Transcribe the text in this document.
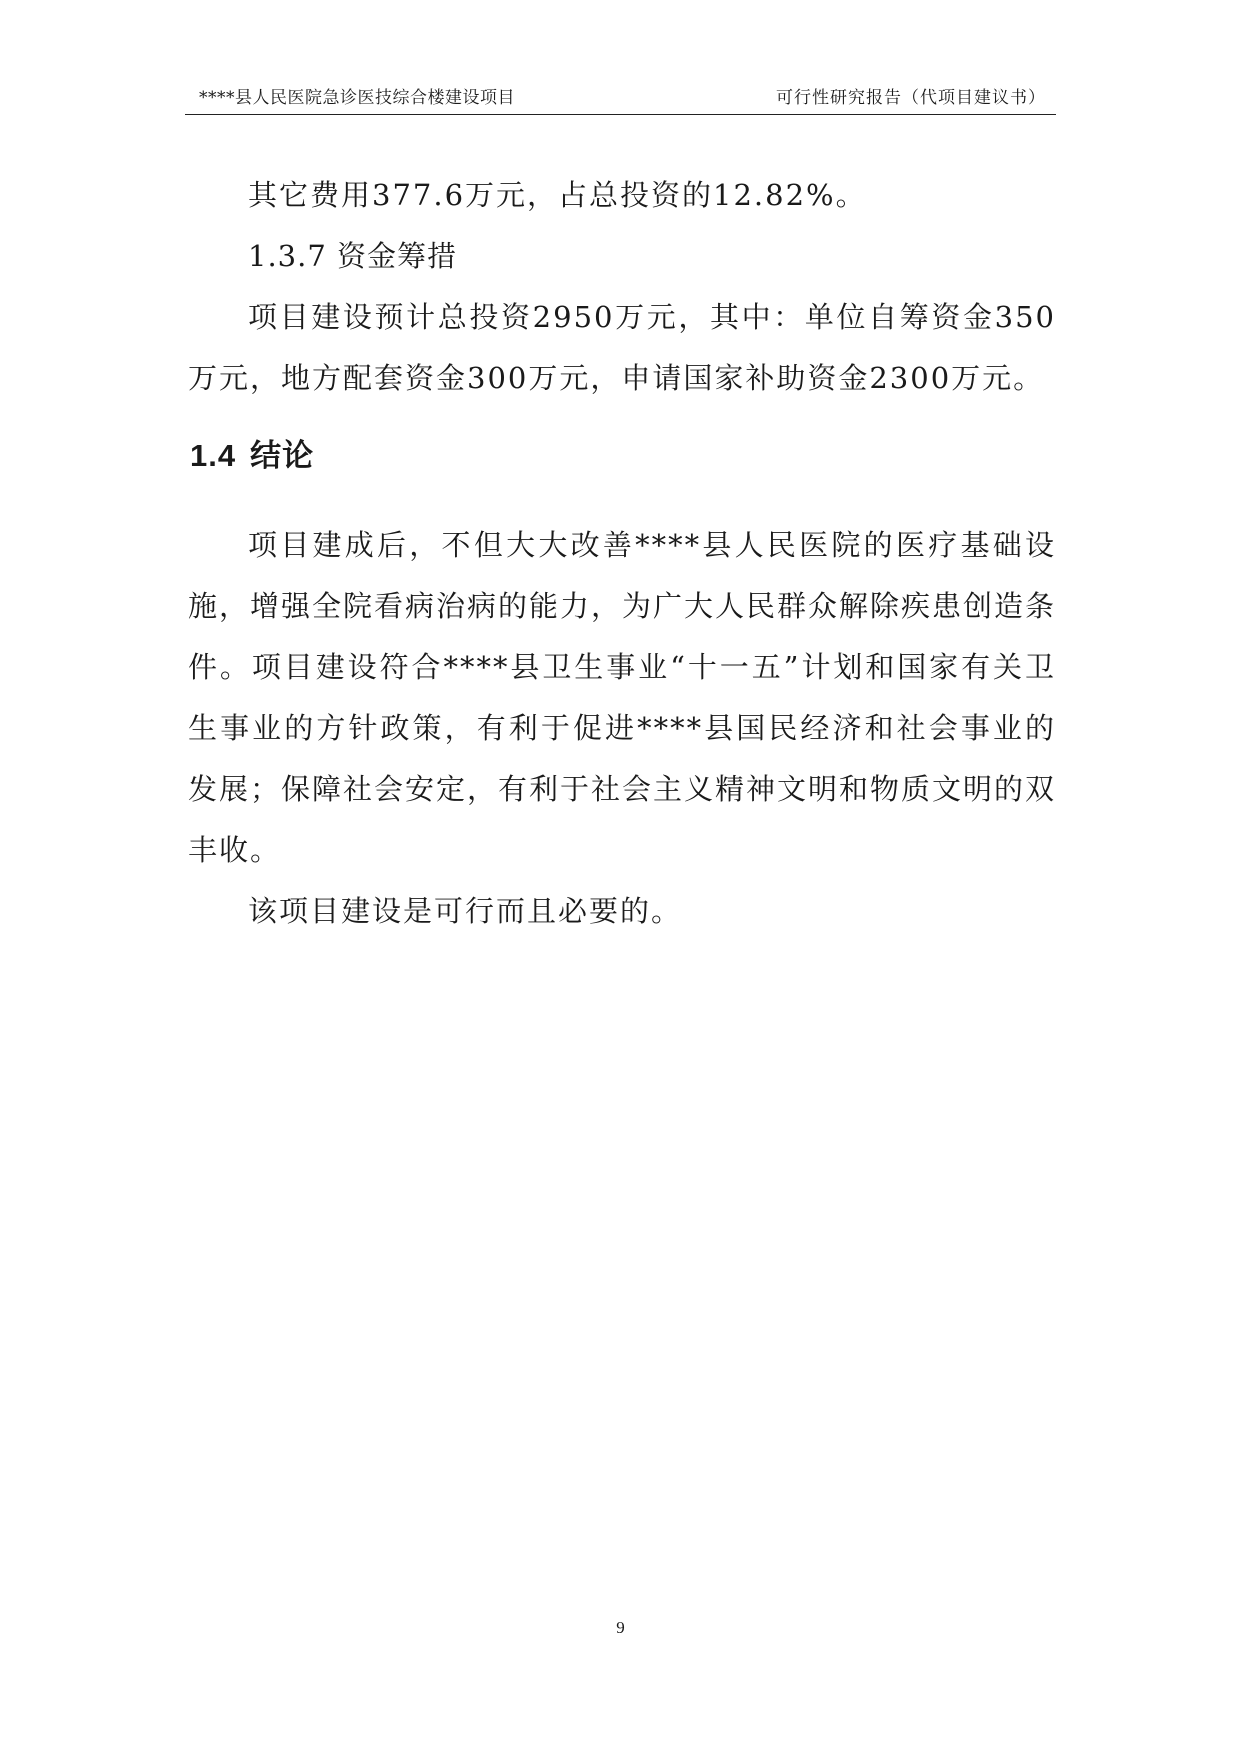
****县人民医院急诊医技综合楼建设项目	可行性研究报告（代项目建议书）

其它费用377.6万元，占总投资的12.82%。

1.3.7 资金筹措

项目建设预计总投资2950万元，其中：单位自筹资金350万元，地方配套资金300万元，申请国家补助资金2300万元。

1.4 结论

项目建成后，不但大大改善****县人民医院的医疗基础设施，增强全院看病治病的能力，为广大人民群众解除疾患创造条件。项目建设符合****县卫生事业“十一五”计划和国家有关卫生事业的方针政策，有利于促进****县国民经济和社会事业的发展；保障社会安定，有利于社会主义精神文明和物质文明的双丰收。

该项目建设是可行而且必要的。

9
